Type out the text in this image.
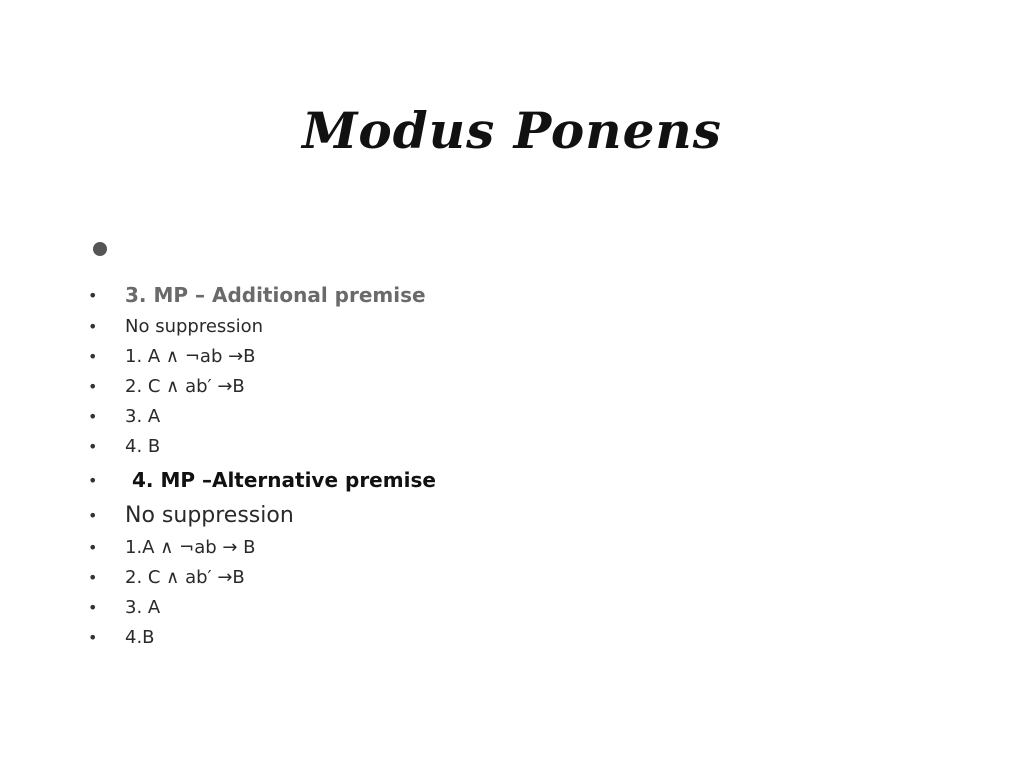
Modus Ponens
•	3. MP – Additional premise
•	No suppression
•	1. A ∧ ¬ab →B
•	2. C ∧ ab′ →B
•	3. A
•	4. B
•	4. MP –Alternative premise
•	No suppression
•	1.A ∧ ¬ab → B
•	2. C ∧ ab′ →B
•	3. A
•	4.B
